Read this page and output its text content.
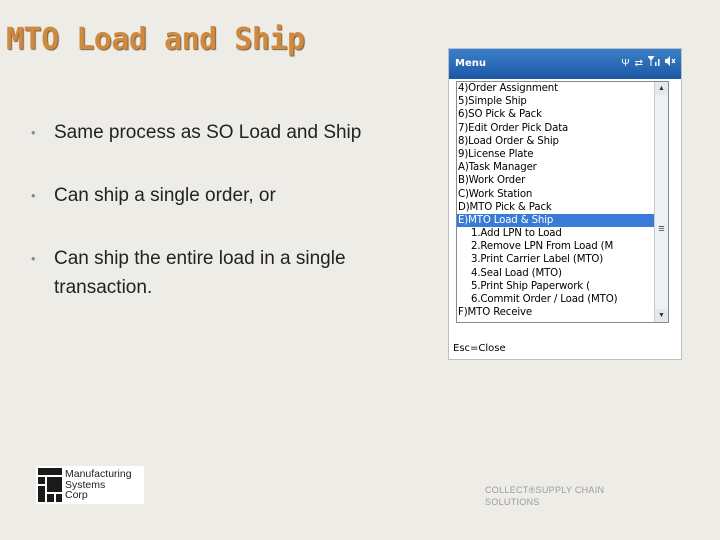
MTO Load and Ship
• Same process as SO Load and Ship
• Can ship a single order, or
• Can ship the entire load in a single transaction.
Menu	Ψ ⇄
4)Order Assignment
5)Simple Ship
6)SO Pick & Pack
7)Edit Order Pick Data
8)Load Order & Ship
9)License Plate
A)Task Manager
B)Work Order
C)Work Station
D)MTO Pick & Pack
E)MTO Load & Ship
1.Add LPN to Load
2.Remove LPN From Load (M
3.Print Carrier Label (MTO)
4.Seal Load (MTO)
5.Print Ship Paperwork (
6.Commit Order / Load (MTO)
F)MTO Receive
▲
≡
▼
Esc=Close
Manufacturing
Systems
Corp	COLLECT®SUPPLY CHAIN
SOLUTIONS
